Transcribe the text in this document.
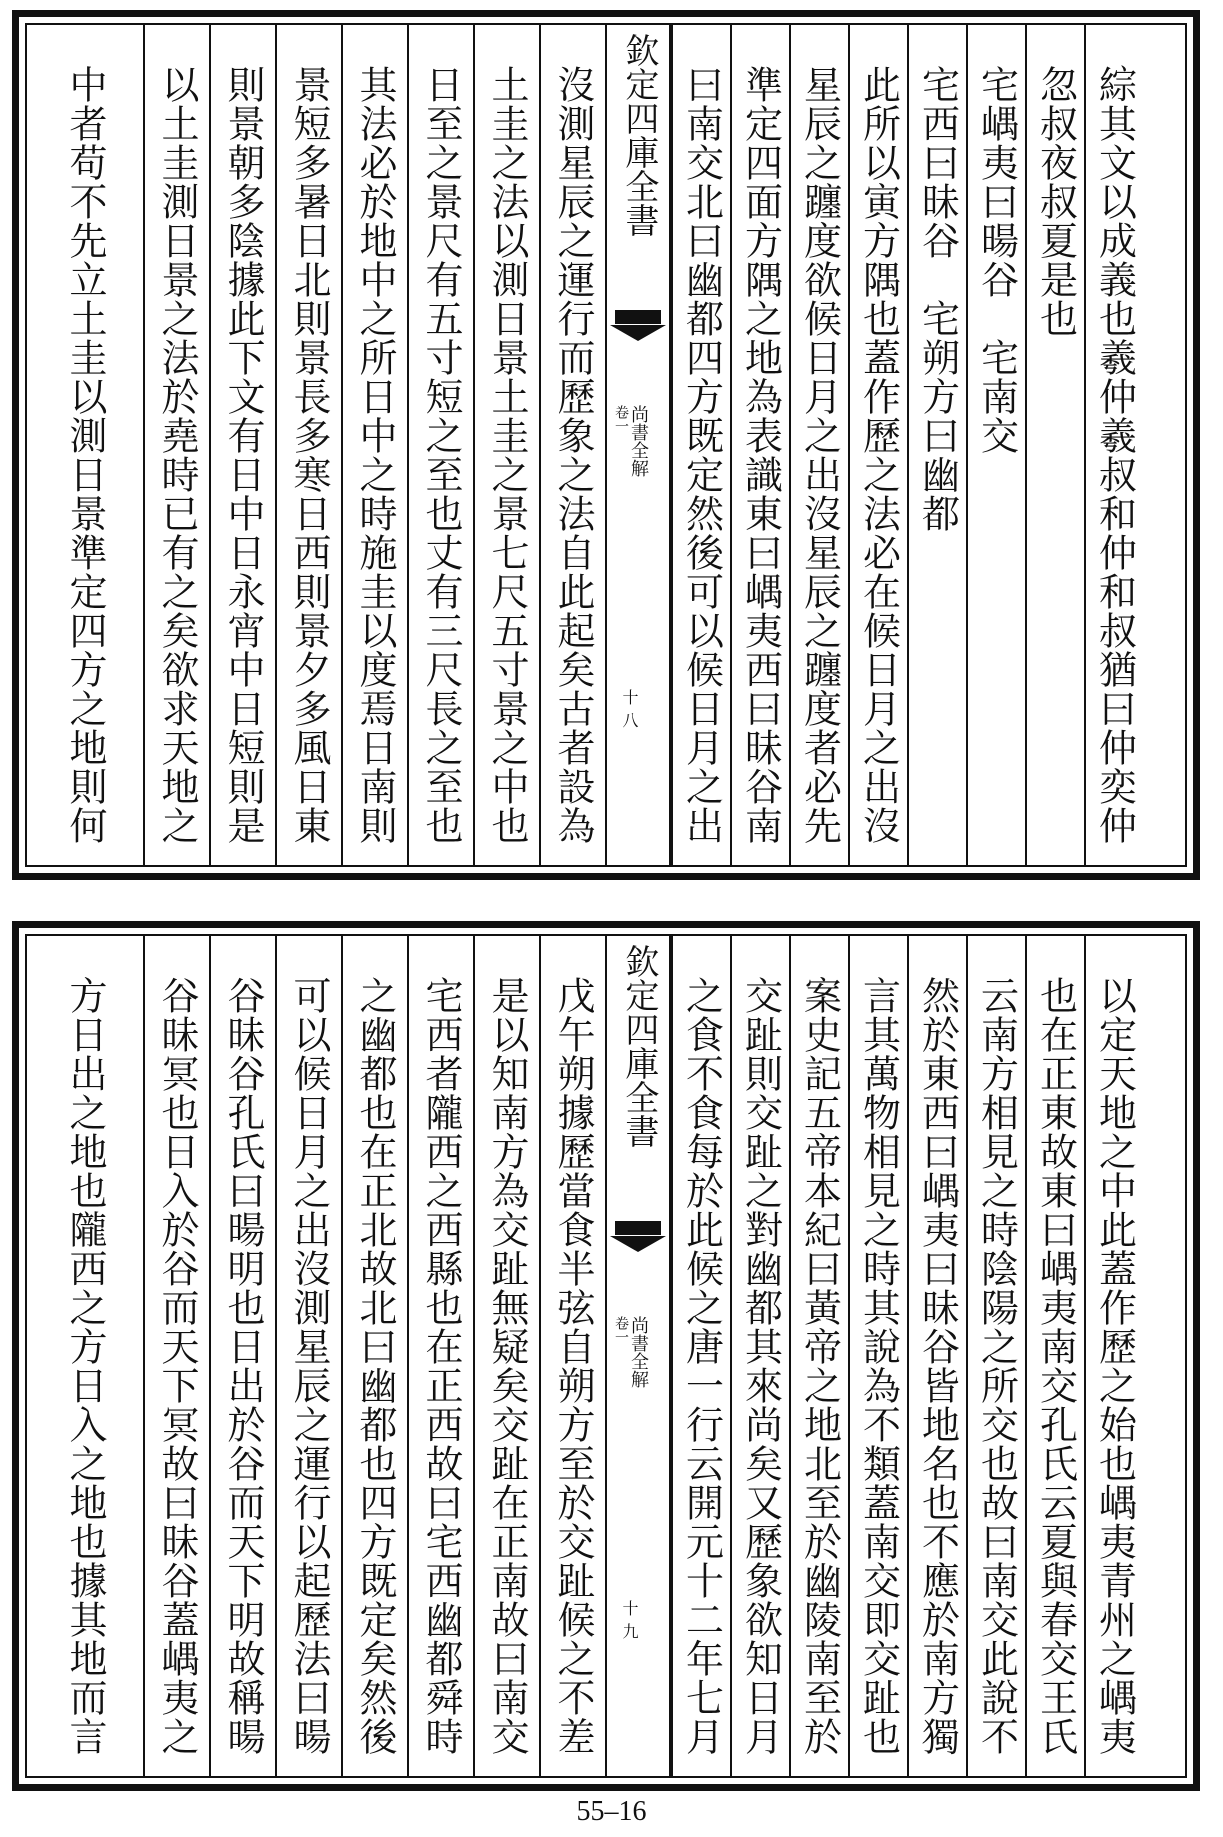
綜其文以成義也羲仲羲叔和仲和叔猶曰仲奕仲
忽叔夜叔夏是也
宅嵎夷曰暘谷　宅南交
宅西曰昧谷　宅朔方曰幽都
此所以寅方隅也蓋作歷之法必在候日月之出沒
星辰之躔度欲候日月之出沒星辰之躔度者必先
準定四面方隅之地為表識東曰嵎夷西曰昧谷南
曰南交北曰幽都四方既定然後可以候日月之出
欽定四庫全書
尚書全解
卷一
十八
沒測星辰之運行而歷象之法自此起矣古者設為
土圭之法以測日景土圭之景七尺五寸景之中也
日至之景尺有五寸短之至也丈有三尺長之至也
其法必於地中之所日中之時施圭以度焉日南則
景短多暑日北則景長多寒日西則景夕多風日東
則景朝多陰據此下文有日中日永宵中日短則是
以土圭測日景之法於堯時已有之矣欲求天地之
中者苟不先立土圭以測日景準定四方之地則何
以定天地之中此蓋作歷之始也嵎夷青州之嵎夷
也在正東故東曰嵎夷南交孔氏云夏與春交王氏
云南方相見之時陰陽之所交也故曰南交此說不
然於東西曰嵎夷曰昧谷皆地名也不應於南方獨
言其萬物相見之時其說為不類蓋南交即交趾也
案史記五帝本紀曰黃帝之地北至於幽陵南至於
交趾則交趾之對幽都其來尚矣又歷象欲知日月
之食不食每於此候之唐一行云開元十二年七月
欽定四庫全書
尚書全解
卷一
十九
戊午朔據歷當食半弦自朔方至於交趾候之不差
是以知南方為交趾無疑矣交趾在正南故曰南交
宅西者隴西之西縣也在正西故曰宅西幽都舜時
之幽都也在正北故北曰幽都也四方既定矣然後
可以候日月之出沒測星辰之運行以起歷法曰暘
谷昧谷孔氏曰暘明也日出於谷而天下明故稱暘
谷昧冥也日入於谷而天下冥故曰昧谷蓋嵎夷之
方日出之地也隴西之方日入之地也據其地而言
55–16
